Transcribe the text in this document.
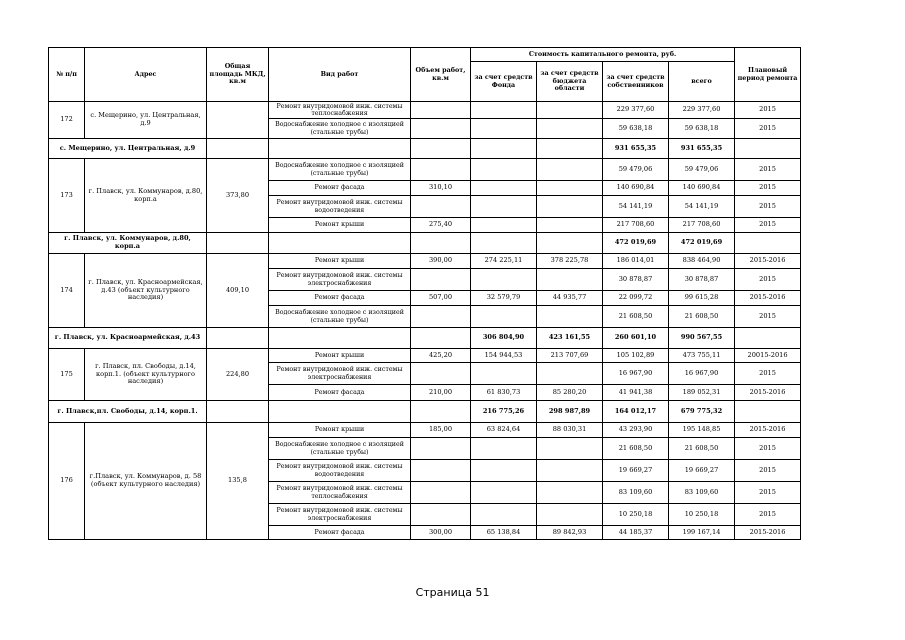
№ п/п	Адрес	Общая площадь МКД, кв.м	Вид работ	Объем работ, кв.м	Стоимость капитального ремонта, руб.				Плановый период ремонта
					за счет средств Фонда	за счет средств бюджета области	за счет средств собственников	всего	
172	с. Мещерино, ул. Центральная, д.9		Ремонт внутридомовой инж. системы теплоснабжения				229 377,60	229 377,60	2015
			Водоснабжение холодное с изоляцией (стальные трубы)				59 638,18	59 638,18	2015
с. Мещерино, ул. Центральная, д.9							931 655,35	931 655,35	
173	г. Плавск, ул. Коммунаров, д.80, корп.а	373,80	Водоснабжение холодное с изоляцией (стальные трубы)				59 479,06	59 479,06	2015
			Ремонт фасада	310,10			140 690,84	140 690,84	2015
			Ремонт внутридомовой инж. системы водоотведения				54 141,19	54 141,19	2015
			Ремонт крыши	275,40			217 708,60	217 708,60	2015
г. Плавск, ул. Коммунаров, д.80, корп.а							472 019,69	472 019,69	
174	г. Плавск, ул. Красноармейская, д.43 (объект культурного наследия)	409,10	Ремонт крыши	390,00	274 225,11	378 225,78	186 014,01	838 464,90	2015-2016
			Ремонт внутридомовой инж. системы электроснабжения				30 878,87	30 878,87	2015
			Ремонт фасада	507,00	32 579,79	44 935,77	22 099,72	99 615,28	2015-2016
			Водоснабжение холодное с изоляцией (стальные трубы)				21 608,50	21 608,50	2015
г. Плавск, ул. Красноармейская, д.43					306 804,90	423 161,55	260 601,10	990 567,55	
175	г. Плавск, пл. Свободы, д.14, корп.1. (объект культурного наследия)	224,80	Ремонт крыши	425,20	154 944,53	213 707,69	105 102,89	473 755,11	20015-2016
			Ремонт внутридомовой инж. системы электроснабжения				16 967,90	16 967,90	2015
			Ремонт фасада	210,00	61 830,73	85 280,20	41 941,38	189 052,31	2015-2016
г. Плавск,пл. Свободы, д.14, корп.1.					216 775,26	298 987,89	164 012,17	679 775,32	
176	г.Плавск, ул. Коммунаров, д. 58 (объект культурного наследия)	135,8	Ремонт крыши	185,00	63 824,64	88 030,31	43 293,90	195 148,85	2015-2016
			Водоснабжение холодное с изоляцией (стальные трубы)				21 608,50	21 608,50	2015
			Ремонт внутридомовой инж. системы водоотведения				19 669,27	19 669,27	2015
			Ремонт внутридомовой инж. системы теплоснабжения				83 109,60	83 109,60	2015
			Ремонт внутридомовой инж. системы электроснабжения				10 250,18	10 250,18	2015
			Ремонт фасада	300,00	65 138,84	89 842,93	44 185,37	199 167,14	2015-2016
Страница 51
